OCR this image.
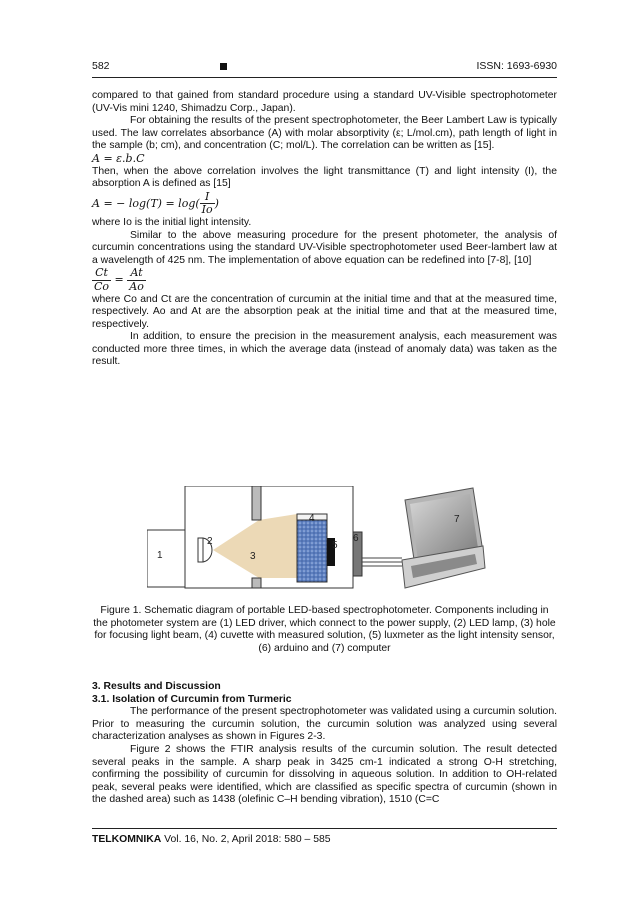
582	ISSN: 1693-6930

compared to that gained from standard procedure using a standard UV-Visible spectrophotometer (UV-Vis mini 1240, Shimadzu Corp., Japan).

For obtaining the results of the present spectrophotometer, the Beer Lambert Law is typically used. The law correlates absorbance (A) with molar absorptivity (ε; L/mol.cm), path length of light in the sample (b; cm), and concentration (C; mol/L). The correlation can be written as [15].

A = ε.b.C

Then, when the above correlation involves the light transmittance (T) and light intensity (I), the absorption A is defined as [15]

A = − $\log(T) = \log( \frac{I}{Io}$ )

where Io is the initial light intensity.

Similar to the above measuring procedure for the present photometer, the analysis of curcumin concentrations using the standard UV-Visible spectrophotometer used Beer-lambert law at a wavelength of 425 nm. The implementation of above equation can be redefined into [7-8], [10]

$\frac{Ct}{Co} = \frac{At}{Ao}$

where Co and Ct are the concentration of curcumin at the initial time and that at the measured time, respectively. Ao and At are the absorption peak at the initial time and that at the measured time, respectively.

In addition, to ensure the precision in the measurement analysis, each measurement was conducted more three times, in which the average data (instead of anomaly data) was taken as the result.

1
2
3
4
5
6
7
Figure 1. Schematic diagram of portable LED-based spectrophotometer. Components including in the photometer system are (1) LED driver, which connect to the power supply, (2) LED lamp, (3) hole for focusing light beam, (4) cuvette with measured solution, (5) luxmeter as the light intensity sensor, (6) arduino and (7) computer
3. Results and Discussion
3.1. Isolation of Curcumin from Turmeric

The performance of the present spectrophotometer was validated using a curcumin solution. Prior to measuring the curcumin solution, the curcumin solution was analyzed using several characterization analyses as shown in Figures 2-3.

Figure 2 shows the FTIR analysis results of the curcumin solution. The result detected several peaks in the sample. A sharp peak in 3425 cm-1 indicated a strong O-H stretching, confirming the possibility of curcumin for dissolving in aqueous solution. In addition to OH-related peak, several peaks were identified, which are classified as specific spectra of curcumin (shown in the dashed area) such as 1438 (olefinic C–H bending vibration), 1510 (C=C

TELKOMNIKA Vol. 16, No. 2, April 2018: 580 – 585
